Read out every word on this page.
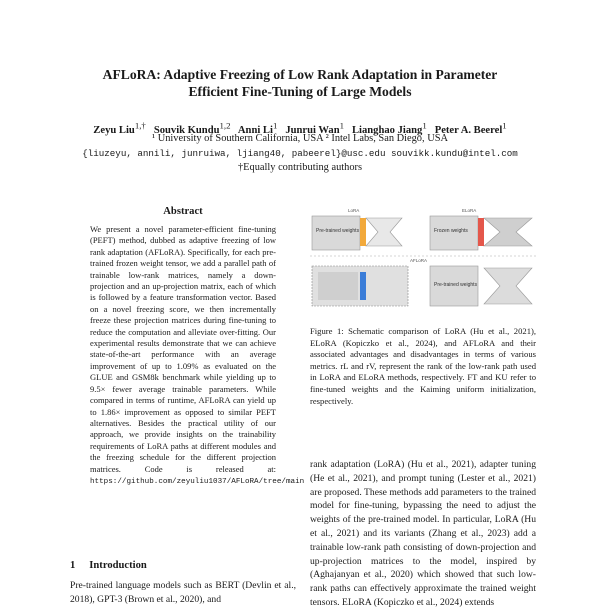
AFLoRA: Adaptive Freezing of Low Rank Adaptation in Parameter
Efficient Fine-Tuning of Large Models
Zeyu Liu$^{1,\dagger}$ Souvik Kundu$^{1,2}$ Anni Li$^1$ Junrui Wan$^1$ Lianghao Jiang$^1$ Peter A. Beerel$^1$
¹ University of Southern California, USA ² Intel Labs, San Diego, USA
{liuzeyu, annili, junruiwa, ljiang40, pabeerel}@usc.edu souvikk.kundu@intel.com
†Equally contributing authors
Abstract
We present a novel parameter-efficient fine-tuning (PEFT) method, dubbed as adaptive freezing of low rank adaptation (AFLoRA). Specifically, for each pre-trained frozen weight tensor, we add a parallel path of trainable low-rank matrices, namely a down-projection and an up-projection matrix, each of which is followed by a feature transformation vector. Based on a novel freezing score, we then incrementally freeze these projection matrices during fine-tuning to reduce the computation and alleviate over-fitting. Our experimental results demonstrate that we can achieve state-of-the-art performance with an average improvement of up to 1.09% as evaluated on the GLUE and GSM8k benchmark while yielding up to 9.5× fewer average trainable parameters. While compared in terms of runtime, AFLoRA can yield up to 1.86× improvement as opposed to similar PEFT alternatives. Besides the practical utility of our approach, we provide insights on the trainability requirements of LoRA paths at different modules and the freezing schedule for the different projection matrices. Code is released at: https://github.com/zeyuliu1037/AFLoRA/tree/main
1 Introduction
Pre-trained language models such as BERT (Devlin et al., 2018), GPT-3 (Brown et al., 2020), and
LoRA	ELoRA
AFLoRA
Pre-trained weights	Frozen weights
Pre-trained weights
Figure 1: Schematic comparison of LoRA (Hu et al., 2021), ELoRA (Kopiczko et al., 2024), and AFLoRA and their associated advantages and disadvantages in terms of various metrics. rL and rV, represent the rank of the low-rank path used in LoRA and ELoRA methods, respectively. FT and KU refer to fine-tuned weights and the Kaiming uniform initialization, respectively.
rank adaptation (LoRA) (Hu et al., 2021), adapter tuning (He et al., 2021), and prompt tuning (Lester et al., 2021) are proposed. These methods add parameters to the trained model for fine-tuning, bypassing the need to adjust the weights of the pre-trained model. In particular, LoRA (Hu et al., 2021) and its variants (Zhang et al., 2023) add a trainable low-rank path consisting of down-projection and up-projection matrices to the model, inspired by (Aghajanyan et al., 2020) which showed that such low-rank paths can effectively approximate the trained weight tensors. ELoRA (Kopiczko et al., 2024) extends
